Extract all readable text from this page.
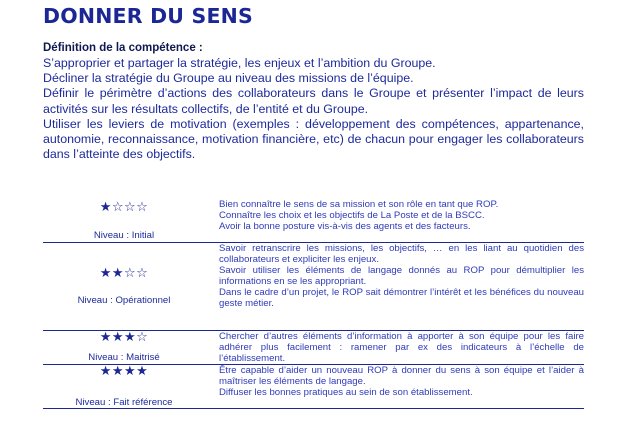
DONNER DU SENS
Définition de la compétence :
S’approprier et partager la stratégie, les enjeux et l’ambition du Groupe.
Décliner la stratégie du Groupe au niveau des missions de l’équipe.
Définir le périmètre d’actions des collaborateurs dans le Groupe et présenter l’impact de leurs activités sur les résultats collectifs, de l’entité et du Groupe.
Utiliser les leviers de motivation (exemples : développement des compétences, appartenance, autonomie, reconnaissance, motivation financière, etc) de chacun pour engager les collaborateurs dans l’atteinte des objectifs.
★☆☆☆
Niveau : Initial
Bien connaître le sens de sa mission et son rôle en tant que ROP.
Connaître les choix et les objectifs de La Poste et de la BSCC.
Avoir la bonne posture vis-à-vis des agents et des facteurs.
★★☆☆
Niveau : Opérationnel
Savoir retranscrire les missions, les objectifs, … en les liant au quotidien des collaborateurs et expliciter les enjeux.
Savoir utiliser les éléments de langage donnés au ROP pour démultiplier les informations en se les appropriant.
Dans le cadre d’un projet, le ROP sait démontrer l’intérêt et les bénéfices du nouveau geste métier.
★★★☆
Niveau : Maitrisé
Chercher d’autres éléments d’information à apporter à son équipe pour les faire adhérer plus facilement : ramener par ex des indicateurs à l’échelle de l’établissement.
★★★★
Niveau : Fait référence
Être capable d’aider un nouveau ROP à donner du sens à son équipe et l’aider à maîtriser les éléments de langage.
Diffuser les bonnes pratiques au sein de son établissement.
